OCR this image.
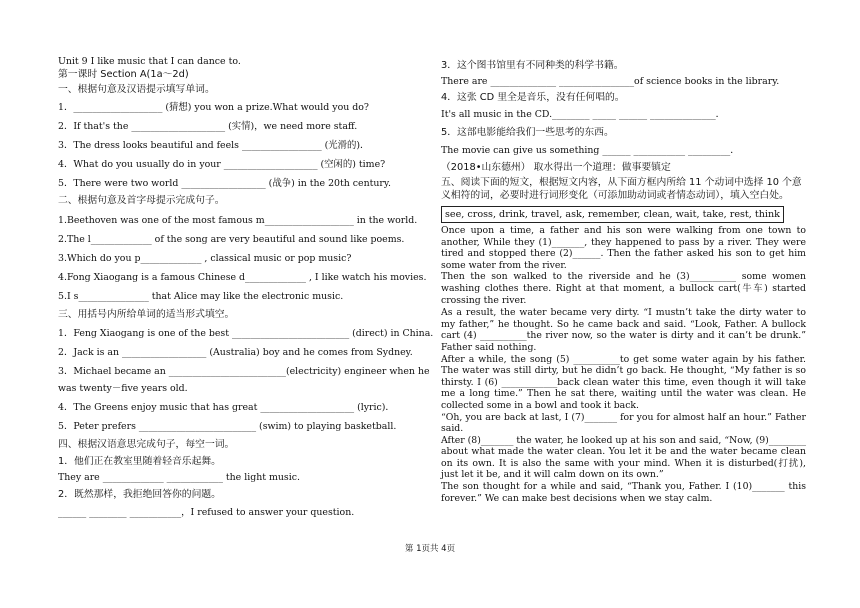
Unit 9 I like music that I can dance to.
第一课时 Section A(1a～2d)
一、根据句意及汉语提示填写单词。
1．___________________ (猜想) you won a prize.What would you do?
2．If that's the ____________________ (实情)，we need more staff.
3．The dress looks beautiful and feels _________________ (光滑的)．
4．What do you usually do in your ____________________ (空闲的) time?
5．There were two world __________________ (战争) in the 20th century.
二、根据句意及首字母提示完成句子。
1.Beethoven was one of the most famous m___________________ in the world.
2.The l_____________ of the song are very beautiful and sound like poems.
3.Which do you p_____________ , classical music or pop music?
4.Fong Xiaogang is a famous Chinese d_____________ , I like watch his movies.
5.I s_______________ that Alice may like the electronic music.
三、用括号内所给单词的适当形式填空。
1．Feng Xiaogang is one of the best _________________________ (direct) in China.
2．Jack is an __________________ (Australia) boy and he comes from Sydney.
3．Michael became an _________________________(electricity) engineer when he
was twenty－five years old.
4．The Greens enjoy music that has great ____________________ (lyric)．
5．Peter prefers _________________________ (swim) to playing basketball.
四、根据汉语意思完成句子，每空一词。
1．他们正在教室里随着轻音乐起舞。
They are _____________ ____________ the light music.
2．既然那样，我拒绝回答你的问题。
______ ________ ___________，I refused to answer your question.
3．这个图书馆里有不同种类的科学书籍。
There are ______________ ________________of science books in the library.
4．这张 CD 里全是音乐，没有任何唱的。
It's all music in the CD.________ _____ ______ ______________．
5．这部电影能给我们一些思考的东西。
The movie can give us something ______ ___________ _________．
（2018•山东德州） 取水得出一个道理：做事要镇定
五、阅读下面的短文，根据短文内容，从下面方框内所给 11 个动词中选择 10 个意义相符的词，必要时进行词形变化（可添加助动词或者情态动词），填入空白处。
see, cross, drink, travel, ask, remember, clean, wait, take, rest, think
Once upon a time, a father and his son were walking from one town to another, While they (1)_______, they happened to pass by a river. They were tired and stopped there (2)______. Then the father asked his son to get him some water from the river.
Then the son walked to the riverside and he (3)__________ some women washing clothes there. Right at that moment, a bullock cart(牛车) started crossing the river.
As a result, the water became very dirty. “I mustn’t take the dirty water to my father,” he thought. So he came back and said. “Look, Father. A bullock cart (4) __________the river now, so the water is dirty and it can’t be drunk.” Father said nothing.
After a while, the song (5) __________to get some water again by his father. The water was still dirty, but he didn’t go back. He thought, “My father is so thirsty. I (6) ____________back clean water this time, even though it will take me a long time.” Then he sat there, waiting until the water was clean. He collected some in a bowl and took it back.
“Oh, you are back at last, I (7)_______ for you for almost half an hour.” Father said.
After (8)_______ the water, he looked up at his son and said, “Now, (9)________ about what made the water clean. You let it be and the water became clean on its own. It is also the same with your mind. When it is disturbed(打扰), just let it be, and it will calm down on its own.”
The son thought for a while and said, “Thank you, Father. I (10)_______ this forever.” We can make best decisions when we stay calm.
第 1页共 4页
